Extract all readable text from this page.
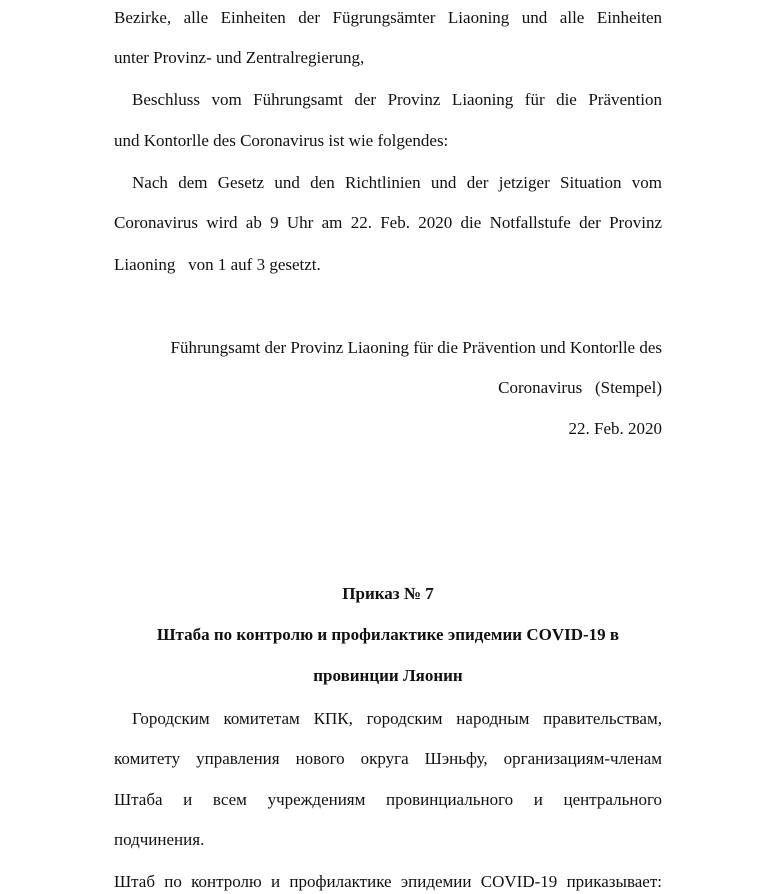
Bezirke, alle Einheiten der Fügrungsämter Liaoning und alle Einheiten
unter Provinz- und Zentralregierung,
Beschluss vom Führungsamt der Provinz Liaoning für die Prävention
und Kontorlle des Coronavirus ist wie folgendes:
Nach dem Gesetz und den Richtlinien und der jetziger Situation vom
Coronavirus wird ab 9 Uhr am 22. Feb. 2020 die Notfallstufe der Provinz
Liaoning   von 1 auf 3 gesetzt.
Führungsamt der Provinz Liaoning für die Prävention und Kontorlle des
Coronavirus   (Stempel)
22. Feb. 2020
Приказ № 7
Штаба по контролю и профилактике эпидемии COVID-19 в
провинции Ляонин
Городским комитетам КПК, городским народным правительствам,
комитету управления нового округа Шэньфу, организациям-членам
Штаба и всем учреждениям провинциального и центрального
подчинения.
Штаб по контролю и профилактике эпидемии COVID-19 приказывает:
